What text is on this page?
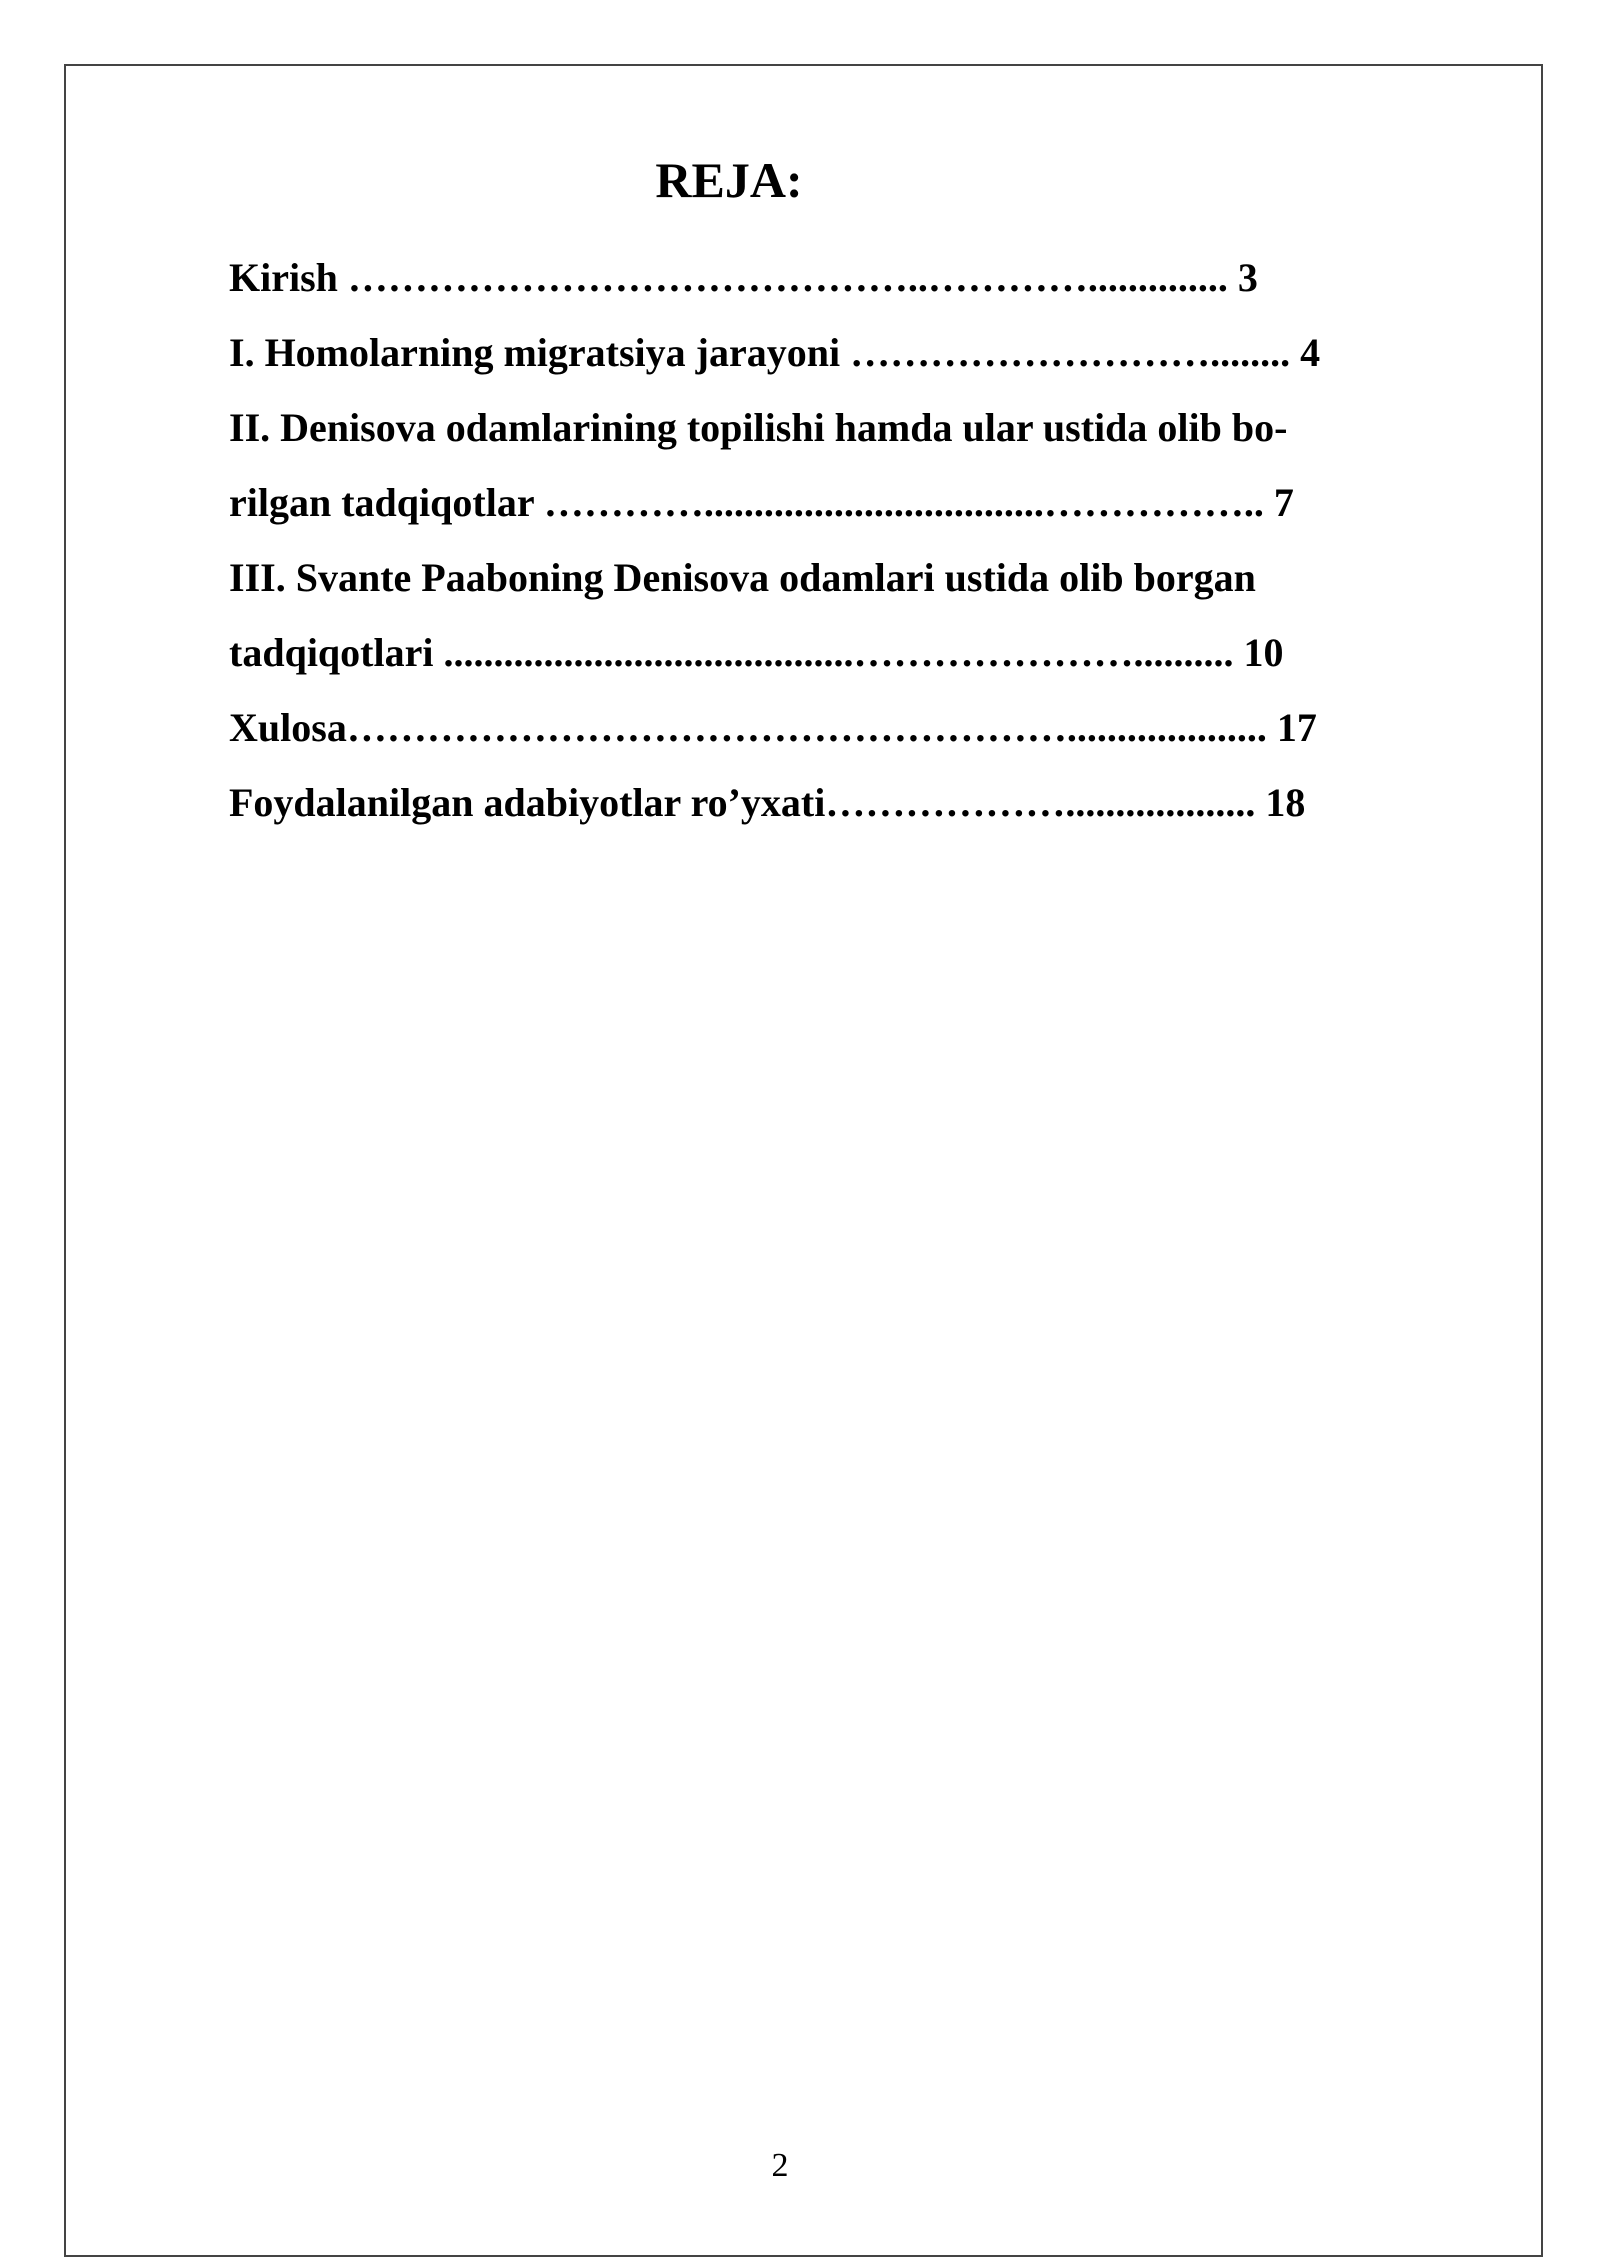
REJA:
Kirish ……………………………………..………….............. 3
I. Homolarning migratsiya jarayoni ………………………........ 4
II. Denisova odamlarining topilishi hamda ular ustida olib bo-
rilgan tadqiqotlar …………..................................…………….. 7
III. Svante Paaboning Denisova odamlari ustida olib borgan
tadqiqotlari .........................................………………….......... 10
Xulosa……………………………………………….................... 17
Foydalanilgan adabiyotlar ro’yxati………………................... 18
2
